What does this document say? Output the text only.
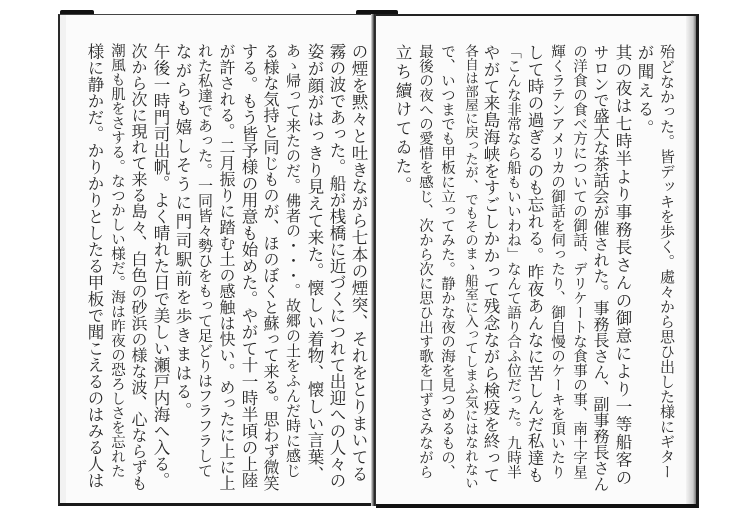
の煙を黙々と吐きながら七本の煙突、それをとりまいてる
霧の波であった。船が桟橋に近づくにつれて出迎への人々の
姿が顔がはっきり見えて来た。懐しい着物、懐しい言葉、
あゝ帰って来たのだ。佛者の・・・。故郷の土をふんだ時に感じ
る様な気持と同じものが、ほのぼくと蘇って来る。思わず微笑
する。もう皆予様の用意も始めた。やがて十一時半頃の上陸
が許される。二月振りに踏む土の感触は快い。めったに上に上
れた私達であった。一同皆々勢ひをもって足どりはフラフラして
ながらも嬉しそうに門司駅前を歩きまはる。
午後一時門司出帆。よく晴れた日で美しい瀬戸内海へ入る。
次から次に現れて来る島々、白色の砂浜の様な波、心ならずも
潮風も肌をさする。なつかしい様だ。海は昨夜の恐ろしさを忘れた
様に静かだ。かりかりとしたる甲板で聞こえるのはみる人は	殆どなかった。皆デッキを歩く。處々から思ひ出した様にギター
が聞える。
其の夜は七時半より事務長さんの御意により一等船客の
サロンで盛大な茶話会が催された。事務長さん、副事務長さん
の洋食の食べ方についての御話、デリケートな食事の事、南十字星
輝くラテンアメリカの御話を伺ったり、御自慢のケーキを頂いたり
して時の過ぎるのも忘れる。昨夜あんなに苦しんだ私達も
「こんな非常なら船もいいわね」なんて語り合ふ位だった。九時半
やがて来島海峡をすごしかかって残念ながら検疫を終って
各自は部屋に戻ったが、でもそのまゝ船室に入ってしまふ気にはなれない
で、いつまでも甲板に立ってみた。静かな夜の海を見つめるもの、
最後の夜への愛惜を感じ、次から次に思ひ出す歌を口ずさみながら
立ち續けてゐた。
